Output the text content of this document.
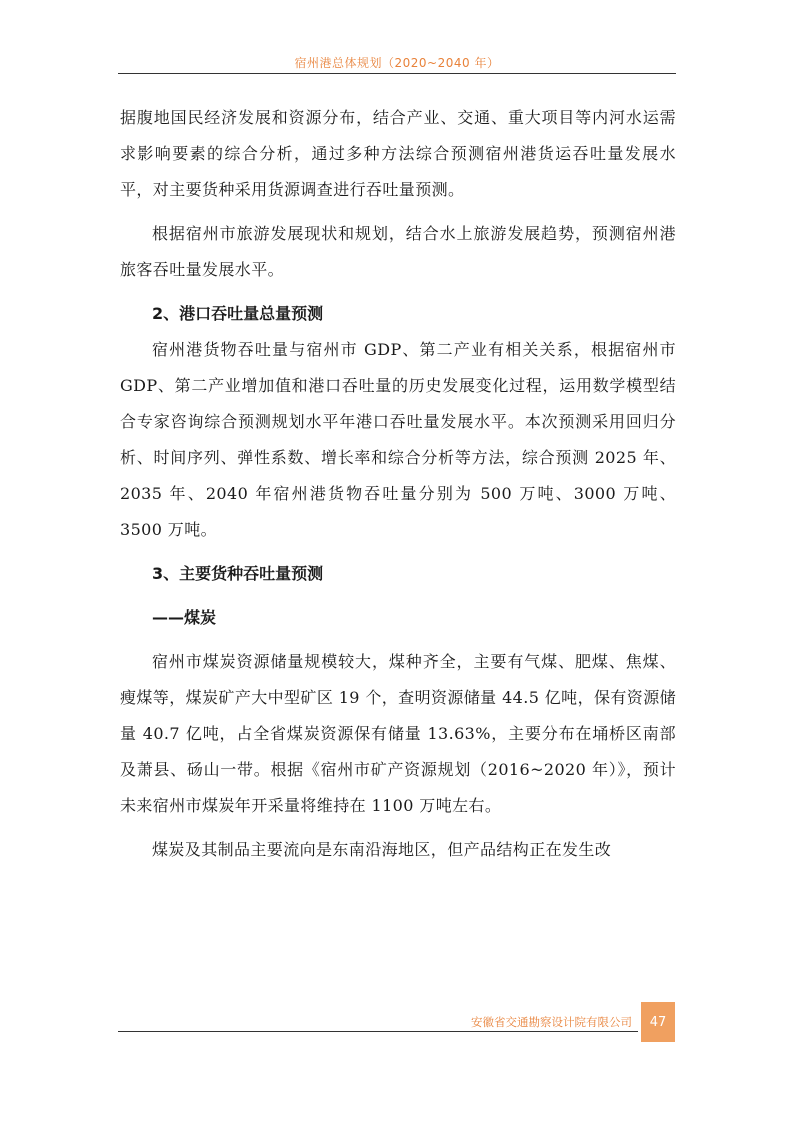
宿州港总体规划（2020~2040 年）

据腹地国民经济发展和资源分布，结合产业、交通、重大项目等内河水运需求影响要素的综合分析，通过多种方法综合预测宿州港货运吞吐量发展水平，对主要货种采用货源调查进行吞吐量预测。

根据宿州市旅游发展现状和规划，结合水上旅游发展趋势，预测宿州港旅客吞吐量发展水平。

2、港口吞吐量总量预测

宿州港货物吞吐量与宿州市 GDP、第二产业有相关关系，根据宿州市 GDP、第二产业增加值和港口吞吐量的历史发展变化过程，运用数学模型结合专家咨询综合预测规划水平年港口吞吐量发展水平。本次预测采用回归分析、时间序列、弹性系数、增长率和综合分析等方法，综合预测 2025 年、2035 年、2040 年宿州港货物吞吐量分别为 500 万吨、3000 万吨、3500 万吨。

3、主要货种吞吐量预测

——煤炭

宿州市煤炭资源储量规模较大，煤种齐全，主要有气煤、肥煤、焦煤、瘦煤等，煤炭矿产大中型矿区 19 个，查明资源储量 44.5 亿吨，保有资源储量 40.7 亿吨，占全省煤炭资源保有储量 13.63%，主要分布在埇桥区南部及萧县、砀山一带。根据《宿州市矿产资源规划（2016~2020 年）》，预计未来宿州市煤炭年开采量将维持在 1100 万吨左右。

煤炭及其制品主要流向是东南沿海地区，但产品结构正在发生改

安徽省交通勘察设计院有限公司 47
